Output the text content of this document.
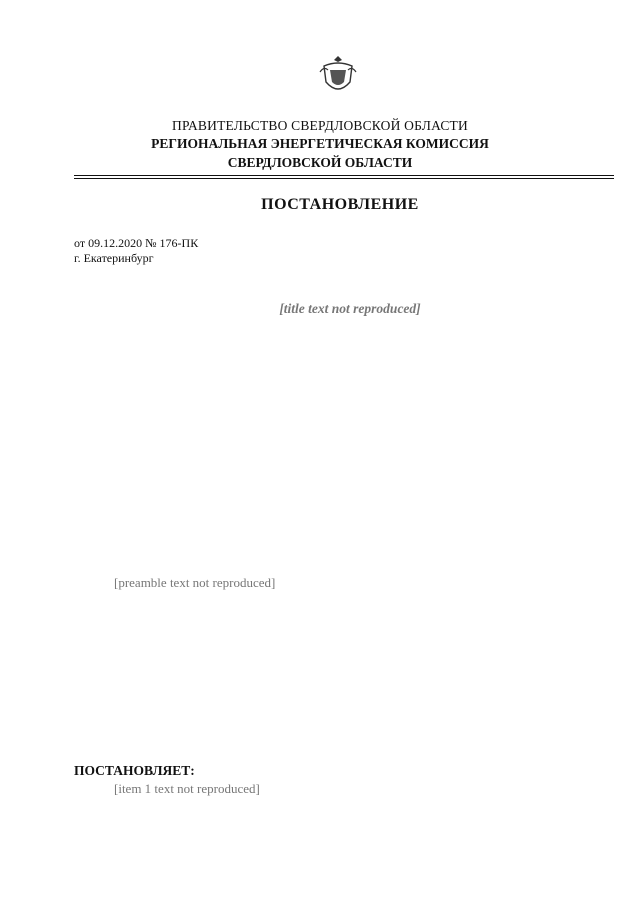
ПРАВИТЕЛЬСТВО СВЕРДЛОВСКОЙ ОБЛАСТИ
РЕГИОНАЛЬНАЯ ЭНЕРГЕТИЧЕСКАЯ КОМИССИЯ
СВЕРДЛОВСКОЙ ОБЛАСТИ
ПОСТАНОВЛЕНИЕ
от 09.12.2020 № 176-ПК
г. Екатеринбург
[title text not reproduced]

[preamble text not reproduced]

ПОСТАНОВЛЯЕТ:
[item 1 text not reproduced]
